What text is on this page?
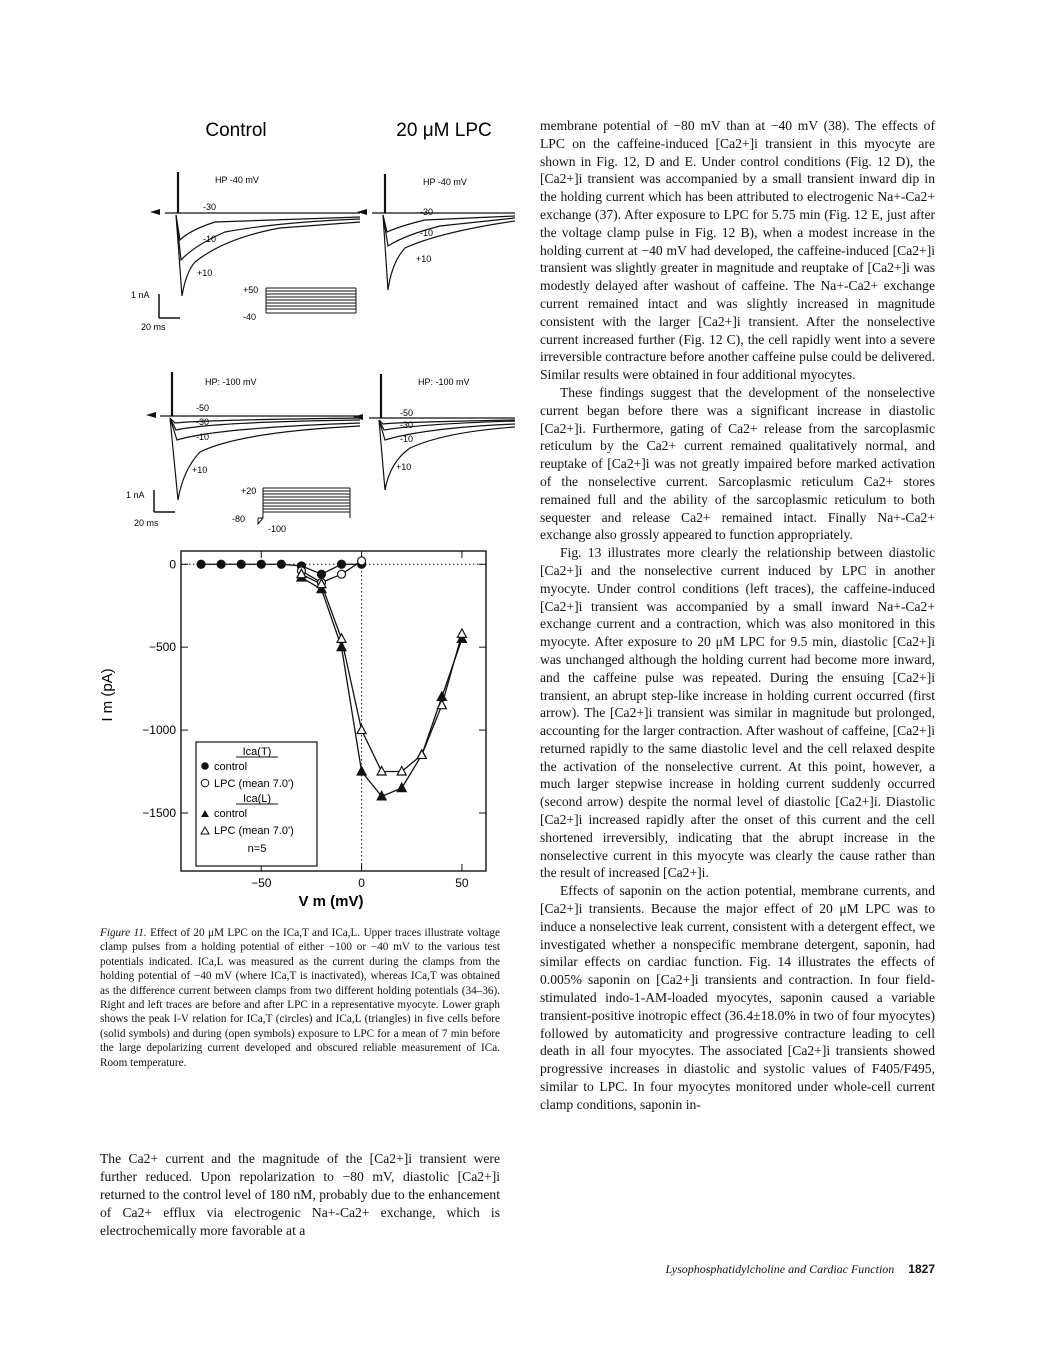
Control	20 μM LPC
HP -40 mV
-30
-10
+10
1 nA
20 ms
+50
-40
HP -40 mV
-30
-10
+10
HP: -100 mV
-50
-30
-10
+10
1 nA
20 ms
+20
-80
-100
HP: -100 mV
-50
-30
-10
+10
0
−500
−1000
−1500
−50	0	50
I m (pA)
V m (mV)
Ica(T)
control
LPC (mean 7.0')
Ica(L)
control
LPC (mean 7.0')
n=5
Figure 11. Effect of 20 μM LPC on the ICa,T and ICa,L. Upper traces illustrate voltage clamp pulses from a holding potential of either −100 or −40 mV to the various test potentials indicated. ICa,L was measured as the current during the clamps from the holding potential of −40 mV (where ICa,T is inactivated), whereas ICa,T was obtained as the difference current between clamps from two different holding potentials (34–36). Right and left traces are before and after LPC in a representative myocyte. Lower graph shows the peak I-V relation for ICa,T (circles) and ICa,L (triangles) in five cells before (solid symbols) and during (open symbols) exposure to LPC for a mean of 7 min before the large depolarizing current developed and obscured reliable measurement of ICa. Room temperature.
The Ca2+ current and the magnitude of the [Ca2+]i transient were further reduced. Upon repolarization to −80 mV, diastolic [Ca2+]i returned to the control level of 180 nM, probably due to the enhancement of Ca2+ efflux via electrogenic Na+-Ca2+ exchange, which is electrochemically more favorable at a

membrane potential of −80 mV than at −40 mV (38). The effects of LPC on the caffeine-induced [Ca2+]i transient in this myocyte are shown in Fig. 12, D and E. Under control conditions (Fig. 12 D), the [Ca2+]i transient was accompanied by a small transient inward dip in the holding current which has been attributed to electrogenic Na+-Ca2+ exchange (37). After exposure to LPC for 5.75 min (Fig. 12 E, just after the voltage clamp pulse in Fig. 12 B), when a modest increase in the holding current at −40 mV had developed, the caffeine-induced [Ca2+]i transient was slightly greater in magnitude and reuptake of [Ca2+]i was modestly delayed after washout of caffeine. The Na+-Ca2+ exchange current remained intact and was slightly increased in magnitude consistent with the larger [Ca2+]i transient. After the nonselective current increased further (Fig. 12 C), the cell rapidly went into a severe irreversible contracture before another caffeine pulse could be delivered. Similar results were obtained in four additional myocytes.

These findings suggest that the development of the nonselective current began before there was a significant increase in diastolic [Ca2+]i. Furthermore, gating of Ca2+ release from the sarcoplasmic reticulum by the Ca2+ current remained qualitatively normal, and reuptake of [Ca2+]i was not greatly impaired before marked activation of the nonselective current. Sarcoplasmic reticulum Ca2+ stores remained full and the ability of the sarcoplasmic reticulum to both sequester and release Ca2+ remained intact. Finally Na+-Ca2+ exchange also grossly appeared to function appropriately.

Fig. 13 illustrates more clearly the relationship between diastolic [Ca2+]i and the nonselective current induced by LPC in another myocyte. Under control conditions (left traces), the caffeine-induced [Ca2+]i transient was accompanied by a small inward Na+-Ca2+ exchange current and a contraction, which was also monitored in this myocyte. After exposure to 20 μM LPC for 9.5 min, diastolic [Ca2+]i was unchanged although the holding current had become more inward, and the caffeine pulse was repeated. During the ensuing [Ca2+]i transient, an abrupt step-like increase in holding current occurred (first arrow). The [Ca2+]i transient was similar in magnitude but prolonged, accounting for the larger contraction. After washout of caffeine, [Ca2+]i returned rapidly to the same diastolic level and the cell relaxed despite the activation of the nonselective current. At this point, however, a much larger stepwise increase in holding current suddenly occurred (second arrow) despite the normal level of diastolic [Ca2+]i. Diastolic [Ca2+]i increased rapidly after the onset of this current and the cell shortened irreversibly, indicating that the abrupt increase in the nonselective current in this myocyte was clearly the cause rather than the result of increased [Ca2+]i.

Effects of saponin on the action potential, membrane currents, and [Ca2+]i transients. Because the major effect of 20 μM LPC was to induce a nonselective leak current, consistent with a detergent effect, we investigated whether a nonspecific membrane detergent, saponin, had similar effects on cardiac function. Fig. 14 illustrates the effects of 0.005% saponin on [Ca2+]i transients and contraction. In four field-stimulated indo-1-AM-loaded myocytes, saponin caused a variable transient-positive inotropic effect (36.4±18.0% in two of four myocytes) followed by automaticity and progressive contracture leading to cell death in all four myocytes. The associated [Ca2+]i transients showed progressive increases in diastolic and systolic values of F405/F495, similar to LPC. In four myocytes monitored under whole-cell current clamp conditions, saponin in-

Lysophosphatidylcholine and Cardiac Function 1827
